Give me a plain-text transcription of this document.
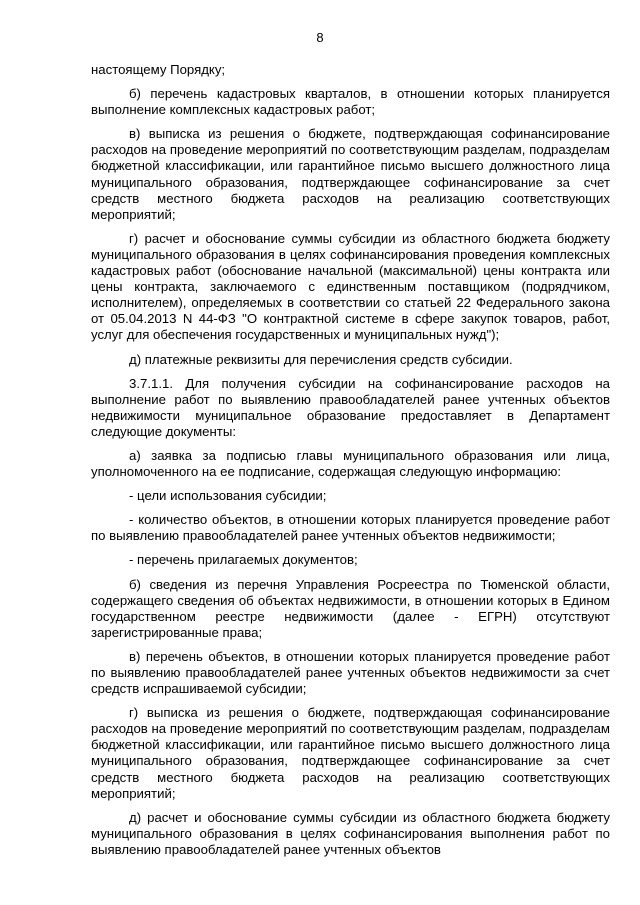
8

настоящему Порядку;

б) перечень кадастровых кварталов, в отношении которых планируется выполнение комплексных кадастровых работ;

в) выписка из решения о бюджете, подтверждающая софинансирование расходов на проведение мероприятий по соответствующим разделам, подразделам бюджетной классификации, или гарантийное письмо высшего должностного лица муниципального образования, подтверждающее софинансирование за счет средств местного бюджета расходов на реализацию соответствующих мероприятий;

г) расчет и обоснование суммы субсидии из областного бюджета бюджету муниципального образования в целях софинансирования проведения комплексных кадастровых работ (обоснование начальной (максимальной) цены контракта или цены контракта, заключаемого с единственным поставщиком (подрядчиком, исполнителем), определяемых в соответствии со статьей 22 Федерального закона от 05.04.2013 N 44-ФЗ "О контрактной системе в сфере закупок товаров, работ, услуг для обеспечения государственных и муниципальных нужд");

д) платежные реквизиты для перечисления средств субсидии.

3.7.1.1. Для получения субсидии на софинансирование расходов на выполнение работ по выявлению правообладателей ранее учтенных объектов недвижимости муниципальное образование предоставляет в Департамент следующие документы:

а) заявка за подписью главы муниципального образования или лица, уполномоченного на ее подписание, содержащая следующую информацию:

- цели использования субсидии;

- количество объектов, в отношении которых планируется проведение работ по выявлению правообладателей ранее учтенных объектов недвижимости;

- перечень прилагаемых документов;

б) сведения из перечня Управления Росреестра по Тюменской области, содержащего сведения об объектах недвижимости, в отношении которых в Едином государственном реестре недвижимости (далее - ЕГРН) отсутствуют зарегистрированные права;

в) перечень объектов, в отношении которых планируется проведение работ по выявлению правообладателей ранее учтенных объектов недвижимости за счет средств испрашиваемой субсидии;

г) выписка из решения о бюджете, подтверждающая софинансирование расходов на проведение мероприятий по соответствующим разделам, подразделам бюджетной классификации, или гарантийное письмо высшего должностного лица муниципального образования, подтверждающее софинансирование за счет средств местного бюджета расходов на реализацию соответствующих мероприятий;

д) расчет и обоснование суммы субсидии из областного бюджета бюджету муниципального образования в целях софинансирования выполнения работ по выявлению правообладателей ранее учтенных объектов
